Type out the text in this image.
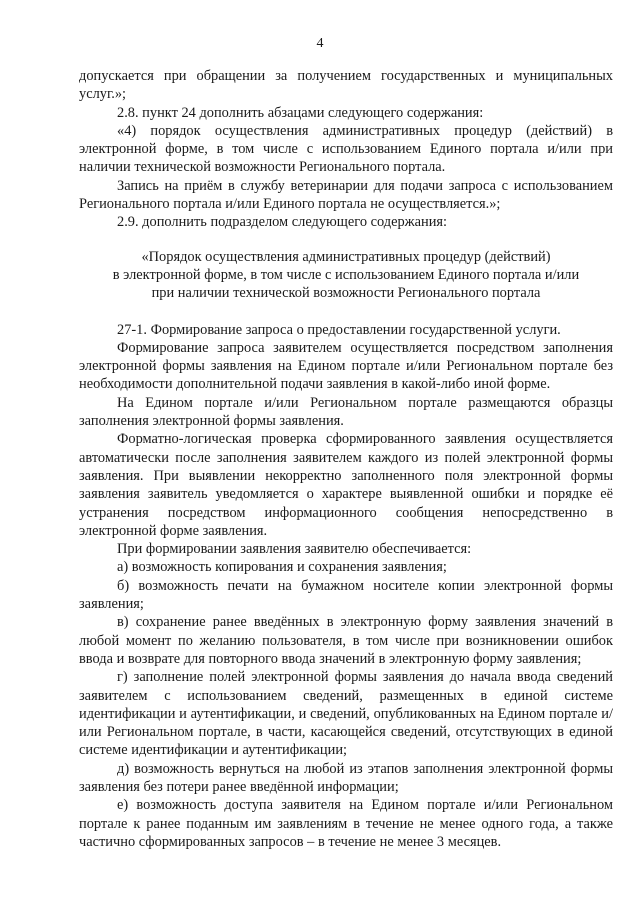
4

допускается при обращении за получением государственных и муниципальных услуг.»;

2.8. пункт 24 дополнить абзацами следующего содержания:

«4) порядок осуществления административных процедур (действий) в электронной форме, в том числе с использованием Единого портала и/или при наличии технической возможности Регионального портала.

Запись на приём в службу ветеринарии для подачи запроса с использованием Регионального портала и/или Единого портала не осуществляется.»;

2.9. дополнить подразделом следующего содержания:

«Порядок осуществления административных процедур (действий)
в электронной форме, в том числе с использованием Единого портала и/или
при наличии технической возможности Регионального портала

27-1. Формирование запроса о предоставлении государственной услуги.

Формирование запроса заявителем осуществляется посредством заполнения электронной формы заявления на Едином портале и/или Региональном портале без необходимости дополнительной подачи заявления в какой-либо иной форме.

На Едином портале и/или Региональном портале размещаются образцы заполнения электронной формы заявления.

Форматно-логическая проверка сформированного заявления осуществляется автоматически после заполнения заявителем каждого из полей электронной формы заявления. При выявлении некорректно заполненного поля электронной формы заявления заявитель уведомляется о характере выявленной ошибки и порядке её устранения посредством информационного сообщения непосредственно в электронной форме заявления.

При формировании заявления заявителю обеспечивается:

а) возможность копирования и сохранения заявления;

б) возможность печати на бумажном носителе копии электронной формы заявления;

в) сохранение ранее введённых в электронную форму заявления значений в любой момент по желанию пользователя, в том числе при возникновении ошибок ввода и возврате для повторного ввода значений в электронную форму заявления;

г) заполнение полей электронной формы заявления до начала ввода сведений заявителем с использованием сведений, размещенных в единой системе идентификации и аутентификации, и сведений, опубликованных на Едином портале и/или Региональном портале, в части, касающейся сведений, отсутствующих в единой системе идентификации и аутентификации;

д) возможность вернуться на любой из этапов заполнения электронной формы заявления без потери ранее введённой информации;

е) возможность доступа заявителя на Едином портале и/или Региональном портале к ранее поданным им заявлениям в течение не менее одного года, а также частично сформированных запросов – в течение не менее 3 месяцев.
